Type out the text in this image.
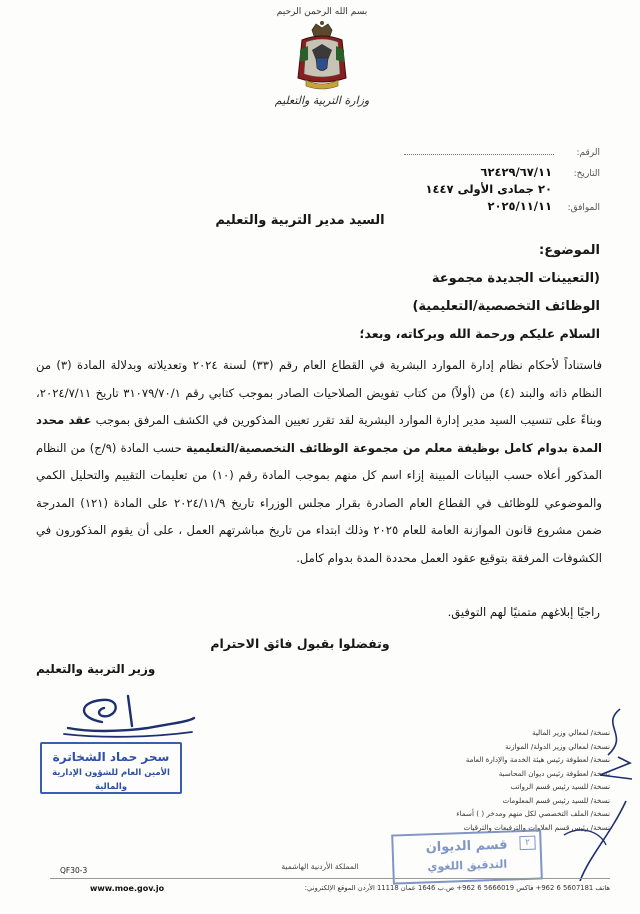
بسم الله الرحمن الرحيم
وزارة التربية والتعليم
الرقم:
التاريخ:
٦٢٤٢٩/٦٧/١١
٢٠ جمادى الأولى ١٤٤٧
الموافق:
٢٠٢٥/١١/١١
السيد مدير التربية والتعليم
الموضوع:
(التعيينات الجديدة مجموعة
الوظائف التخصصية/التعليمية)
السلام عليكم ورحمة الله وبركاته، وبعد؛
فاستناداً لأحكام نظام إدارة الموارد البشرية في القطاع العام رقم (٣٣) لسنة ٢٠٢٤ وتعديلاته وبدلالة المادة (٣) من النظام ذاته والبند (٤) من (أولاً) من كتاب تفويض الصلاحيات الصادر بموجب كتابي رقم ٣١٠٧٩/٧٠/١ تاريخ ٢٠٢٤/٧/١١، وبناءً على تنسيب السيد مدير إدارة الموارد البشرية لقد تقرر تعيين المذكورين في الكشف المرفق بموجب عقد محدد المدة بدوام كامل بوظيفة معلم من مجموعة الوظائف التخصصية/التعليمية حسب المادة (٩/ج) من النظام المذكور أعلاه حسب البيانات المبينة إزاء اسم كل منهم بموجب المادة رقم (١٠) من تعليمات التقييم والتحليل الكمي والموضوعي للوظائف في القطاع العام الصادرة بقرار مجلس الوزراء تاريخ ٢٠٢٤/١١/٩ على المادة (١٢١) المدرجة ضمن مشروع قانون الموازنة العامة للعام ٢٠٢٥ وذلك ابتداء من تاريخ مباشرتهم العمل ، على أن يقوم المذكورون في الكشوفات المرفقة بتوقيع عقود العمل محددة المدة بدوام كامل.
راجيًا إبلاغهم متمنيًا لهم التوفيق.
وتفضلوا بقبول فائق الاحترام
وزير التربية والتعليم
سحر حماد الشخاترة
الأمين العام للشؤون الإدارية والمالية
نسخة/ لمعالي وزير المالية
نسخة/ لمعالي وزير الدولة/ الموازنة
نسخة/ لعطوفة رئيس هيئة الخدمة والإدارة العامة
نسخة/ لعطوفة رئيس ديوان المحاسبة
نسخة/ للسيد رئيس قسم الرواتب
نسخة/ للسيد رئيس قسم المعلومات
نسخة/ الملف التخصصي لكل منهم ومدخر ( ) أسماء
نسخة/ رئيس قسم العلاوات والترفيعات والترقيات
٢
قسم الديوان
التدقيق اللغوي
QF30-3	المملكة الأردنية الهاشمية
www.moe.gov.jo	هاتف 5607181 6 962+ فاكس 5666019 6 962+ ص.ب 1646 عمان 11118 الأردن الموقع الإلكتروني:
